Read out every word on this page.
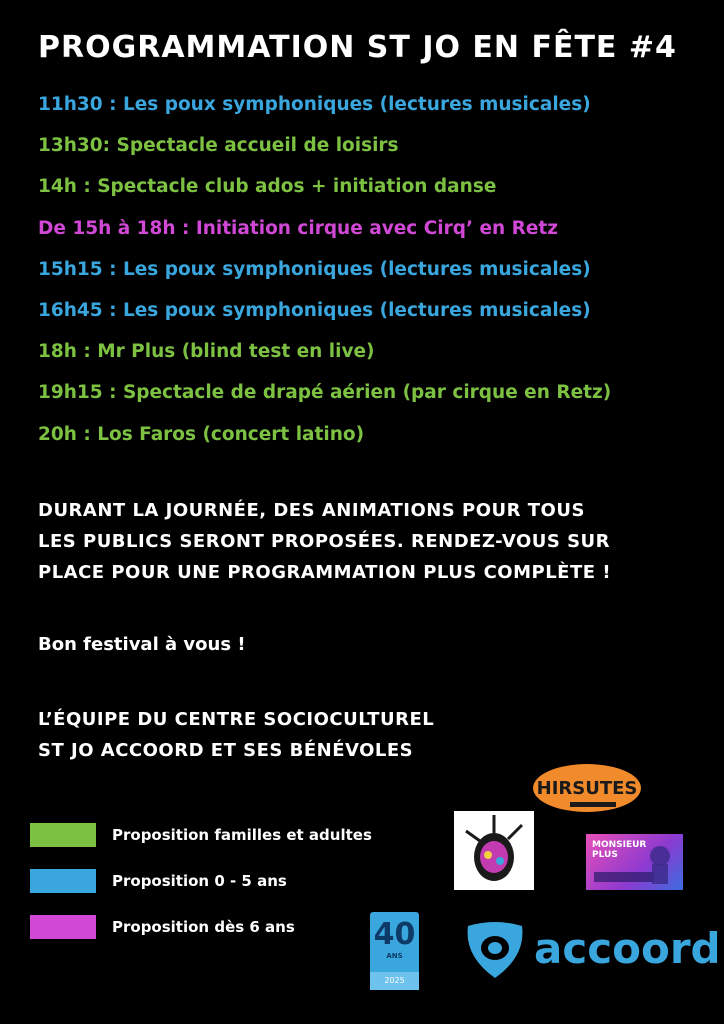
PROGRAMMATION ST JO EN FÊTE #4
11h30 : Les poux symphoniques (lectures musicales)
13h30: Spectacle accueil de loisirs
14h : Spectacle club ados + initiation danse
De 15h à 18h : Initiation cirque avec Cirq’ en Retz
15h15 : Les poux symphoniques (lectures musicales)
16h45 : Les poux symphoniques (lectures musicales)
18h : Mr Plus (blind test en live)
19h15 : Spectacle de drapé aérien (par cirque en Retz)
20h : Los Faros (concert latino)
DURANT LA JOURNÉE, DES ANIMATIONS POUR TOUS
LES PUBLICS SERONT PROPOSÉES. RENDEZ-VOUS SUR
PLACE POUR UNE PROGRAMMATION PLUS COMPLÈTE !
Bon festival à vous !
L’ÉQUIPE DU CENTRE SOCIOCULTUREL
ST JO ACCOORD ET SES BÉNÉVOLES
Proposition familles et adultes
Proposition 0 - 5 ans
Proposition dès 6 ans
HIRSUTES
MONSIEUR
PLUS
40
ANS
2025
accoord
